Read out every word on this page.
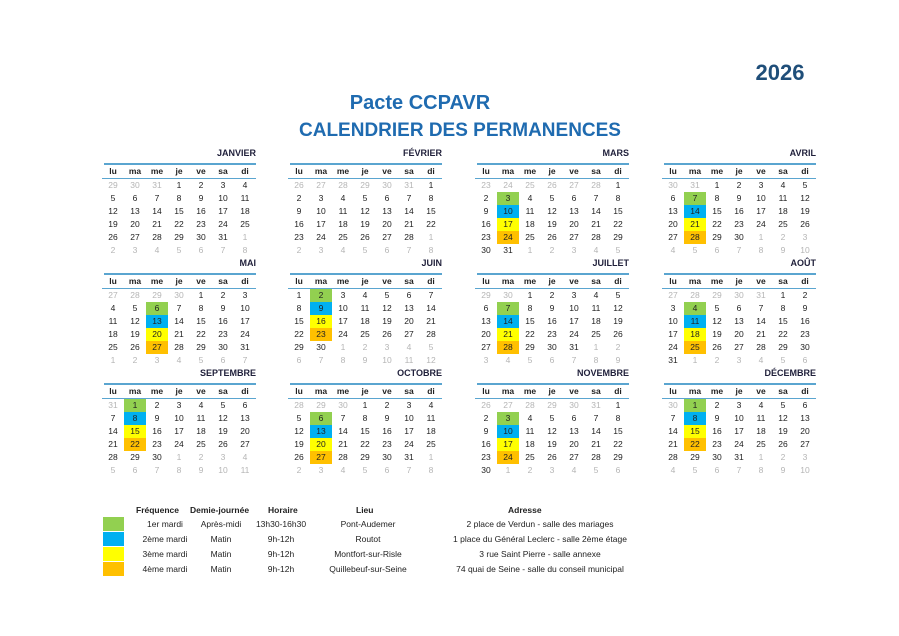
2026
Pacte CCPAVR
CALENDRIER DES PERMANENCES
JANVIER
lu	ma	me	je	ve	sa	di
29	30	31	1	2	3	4
5	6	7	8	9	10	11
12	13	14	15	16	17	18
19	20	21	22	23	24	25
26	27	28	29	30	31	1
2	3	4	5	6	7	8
FÉVRIER
lu	ma	me	je	ve	sa	di
26	27	28	29	30	31	1
2	3	4	5	6	7	8
9	10	11	12	13	14	15
16	17	18	19	20	21	22
23	24	25	26	27	28	1
2	3	4	5	6	7	8
MARS
lu	ma	me	je	ve	sa	di
23	24	25	26	27	28	1
2	3	4	5	6	7	8
9	10	11	12	13	14	15
16	17	18	19	20	21	22
23	24	25	26	27	28	29
30	31	1	2	3	4	5
AVRIL
lu	ma	me	je	ve	sa	di
30	31	1	2	3	4	5
6	7	8	9	10	11	12
13	14	15	16	17	18	19
20	21	22	23	24	25	26
27	28	29	30	1	2	3
4	5	6	7	8	9	10
MAI
lu	ma	me	je	ve	sa	di
27	28	29	30	1	2	3
4	5	6	7	8	9	10
11	12	13	14	15	16	17
18	19	20	21	22	23	24
25	26	27	28	29	30	31
1	2	3	4	5	6	7
JUIN
lu	ma	me	je	ve	sa	di
1	2	3	4	5	6	7
8	9	10	11	12	13	14
15	16	17	18	19	20	21
22	23	24	25	26	27	28
29	30	1	2	3	4	5
6	7	8	9	10	11	12
JUILLET
lu	ma	me	je	ve	sa	di
29	30	1	2	3	4	5
6	7	8	9	10	11	12
13	14	15	16	17	18	19
20	21	22	23	24	25	26
27	28	29	30	31	1	2
3	4	5	6	7	8	9
AOÛT
lu	ma	me	je	ve	sa	di
27	28	29	30	31	1	2
3	4	5	6	7	8	9
10	11	12	13	14	15	16
17	18	19	20	21	22	23
24	25	26	27	28	29	30
31	1	2	3	4	5	6
SEPTEMBRE
lu	ma	me	je	ve	sa	di
31	1	2	3	4	5	6
7	8	9	10	11	12	13
14	15	16	17	18	19	20
21	22	23	24	25	26	27
28	29	30	1	2	3	4
5	6	7	8	9	10	11
OCTOBRE
lu	ma	me	je	ve	sa	di
28	29	30	1	2	3	4
5	6	7	8	9	10	11
12	13	14	15	16	17	18
19	20	21	22	23	24	25
26	27	28	29	30	31	1
2	3	4	5	6	7	8
NOVEMBRE
lu	ma	me	je	ve	sa	di
26	27	28	29	30	31	1
2	3	4	5	6	7	8
9	10	11	12	13	14	15
16	17	18	19	20	21	22
23	24	25	26	27	28	29
30	1	2	3	4	5	6
DÉCEMBRE
lu	ma	me	je	ve	sa	di
30	1	2	3	4	5	6
7	8	9	10	11	12	13
14	15	16	17	18	19	20
21	22	23	24	25	26	27
28	29	30	31	1	2	3
4	5	6	7	8	9	10
Fréquence Demie-journée Horaire	Lieu	Adresse
1er mardi	Après-midi	13h30-16h30	Pont-Audemer	2 place de Verdun - salle des mariages
2ème mardi	Matin	9h-12h	Routot	1 place du Général Leclerc - salle 2ème étage
3ème mardi	Matin	9h-12h	Montfort-sur-Risle	3 rue Saint Pierre - salle annexe
4ème mardi	Matin	9h-12h	Quillebeuf-sur-Seine	74 quai de Seine - salle du conseil municipal
